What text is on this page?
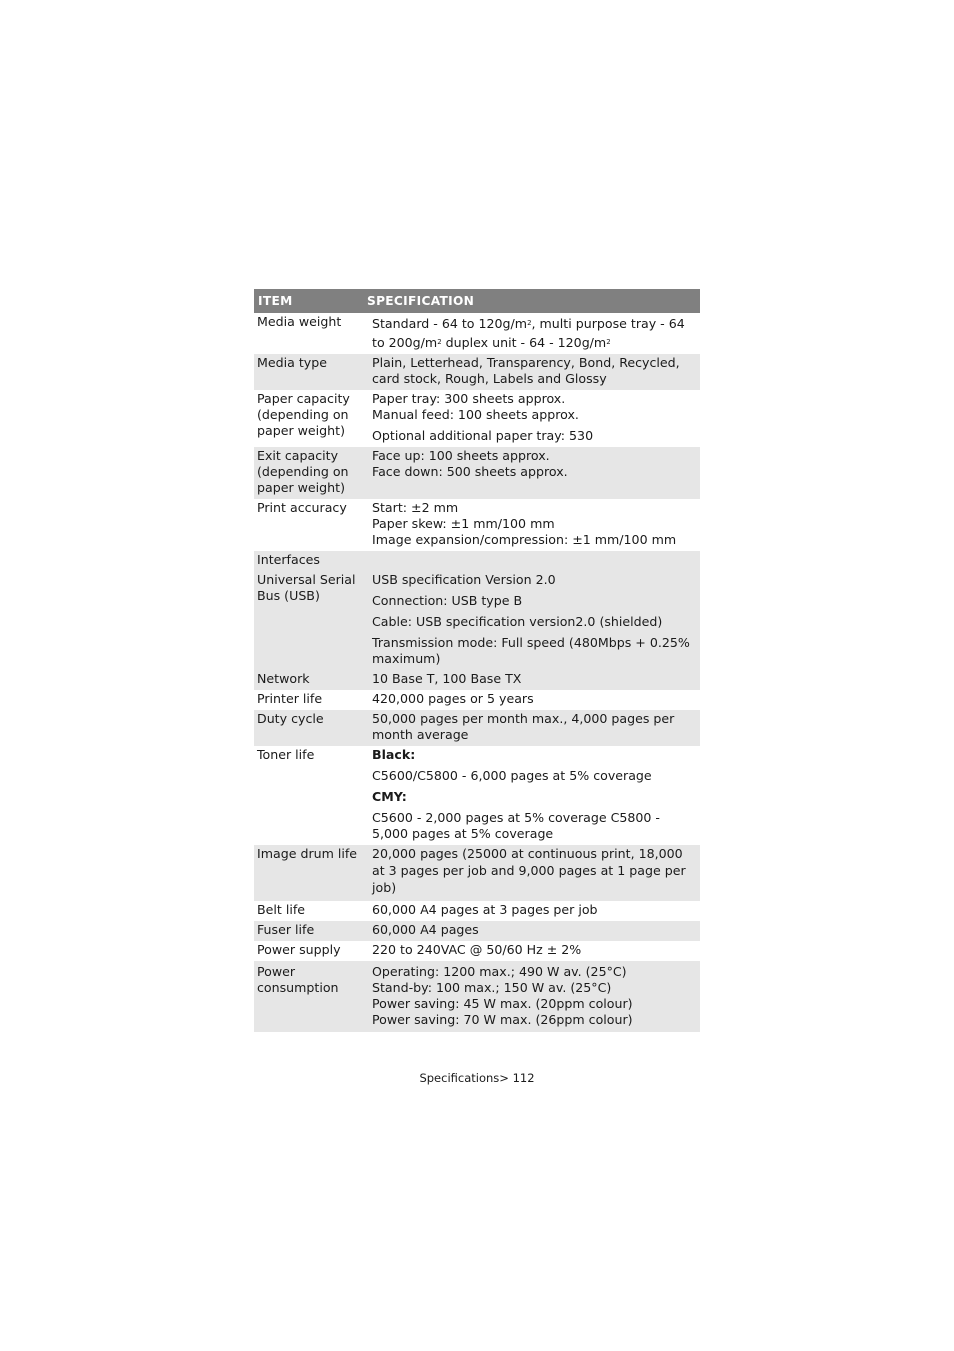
ITEM	SPECIFICATION
Media weight	Standard - 64 to $120g/m^2$, multi purpose tray - 64
to $200g/m^2$ duplex unit - $64 - 120g/m^2$

Media type	Plain, Letterhead, Transparency, Bond, Recycled,
card stock, Rough, Labels and Glossy

Paper capacity
(depending on
paper weight)	Paper tray: 300 sheets approx.
Manual feed: 100 sheets approx.
Optional additional paper tray: 530

Exit capacity
(depending on
paper weight)	Face up: 100 sheets approx.
Face down: 500 sheets approx.

Print accuracy	Start: ±2 mm
Paper skew: ±1 mm/100 mm
Image expansion/compression: ±1 mm/100 mm

Interfaces	

Universal Serial
Bus (USB)	USB specification Version 2.0
Connection: USB type B
Cable: USB specification version2.0 (shielded)
Transmission mode: Full speed (480Mbps + 0.25%
maximum)

Network	10 Base T, 100 Base TX

Printer life	420,000 pages or 5 years

Duty cycle	50,000 pages per month max., 4,000 pages per
month average

Toner life	Black:
C5600/C5800 - 6,000 pages at 5% coverage
CMY:
C5600 - 2,000 pages at 5% coverage C5800 -
5,000 pages at 5% coverage

Image drum life	20,000 pages (25000 at continuous print, 18,000
at 3 pages per job and 9,000 pages at 1 page per
job)

Belt life	60,000 A4 pages at 3 pages per job

Fuser life	60,000 A4 pages

Power supply	220 to 240VAC @ 50/60 Hz ± 2%

Power
consumption	Operating: 1200 max.; 490 W av. (25°C)
Stand-by: 100 max.; 150 W av. (25°C)
Power saving: 45 W max. (20ppm colour)
Power saving: 70 W max. (26ppm colour)
Specifications> 112
